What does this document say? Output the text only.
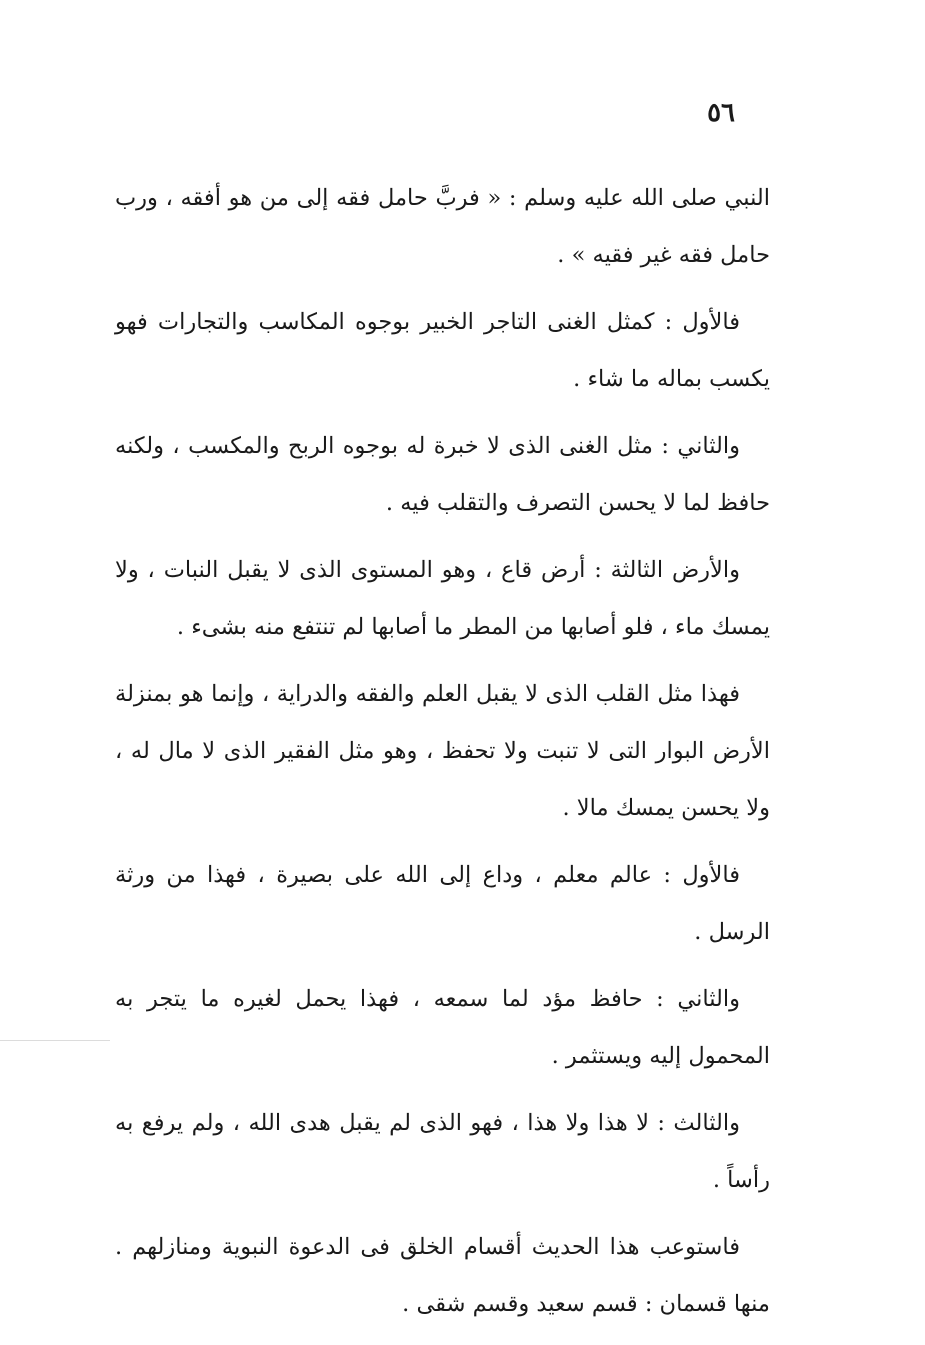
٥٦

النبي صلى الله عليه وسلم : « فربَّ حامل فقه إلى من هو أفقه ، ورب حامل فقه غير فقيه » .

فالأول : كمثل الغنى التاجر الخبير بوجوه المكاسب والتجارات فهو يكسب بماله ما شاء .

والثاني : مثل الغنى الذى لا خبرة له بوجوه الربح والمكسب ، ولكنه حافظ لما لا يحسن التصرف والتقلب فيه .

والأرض الثالثة : أرض قاع ، وهو المستوى الذى لا يقبل النبات ، ولا يمسك ماء ، فلو أصابها من المطر ما أصابها لم تنتفع منه بشىء .

فهذا مثل القلب الذى لا يقبل العلم والفقه والدراية ، وإنما هو بمنزلة الأرض البوار التى لا تنبت ولا تحفظ ، وهو مثل الفقير الذى لا مال له ، ولا يحسن يمسك مالا .

فالأول : عالم معلم ، وداع إلى الله على بصيرة ، فهذا من ورثة الرسل .

والثاني : حافظ مؤد لما سمعه ، فهذا يحمل لغيره ما يتجر به المحمول إليه ويستثمر .

والثالث : لا هذا ولا هذا ، فهو الذى لم يقبل هدى الله ، ولم يرفع به رأساً .

فاستوعب هذا الحديث أقسام الخلق فى الدعوة النبوية ومنازلهم . منها قسمان : قسم سعيد وقسم شقى .
